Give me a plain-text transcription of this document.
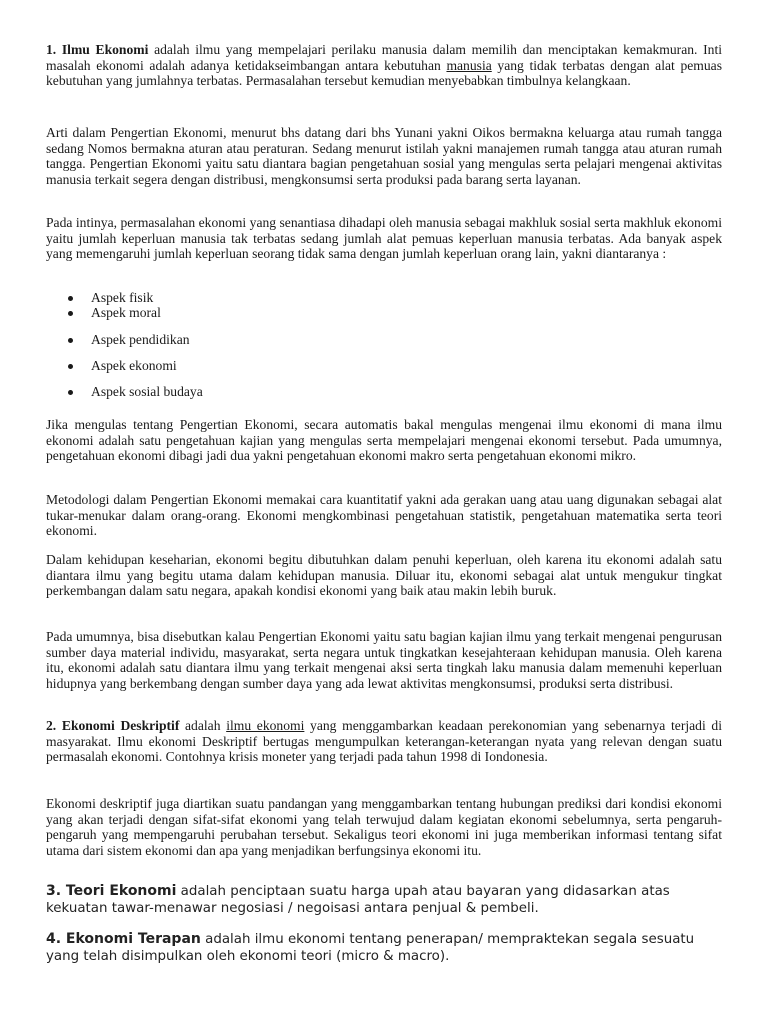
1. Ilmu Ekonomi adalah ilmu yang mempelajari perilaku manusia dalam memilih dan menciptakan kemakmuran. Inti masalah ekonomi adalah adanya ketidakseimbangan antara kebutuhan manusia yang tidak terbatas dengan alat pemuas kebutuhan yang jumlahnya terbatas. Permasalahan tersebut kemudian menyebabkan timbulnya kelangkaan.

Arti dalam Pengertian Ekonomi, menurut bhs datang dari bhs Yunani yakni Oikos bermakna keluarga atau rumah tangga sedang Nomos bermakna aturan atau peraturan. Sedang menurut istilah yakni manajemen rumah tangga atau aturan rumah tangga. Pengertian Ekonomi yaitu satu diantara bagian pengetahuan sosial yang mengulas serta pelajari mengenai aktivitas manusia terkait segera dengan distribusi, mengkonsumsi serta produksi pada barang serta layanan.

Pada intinya, permasalahan ekonomi yang senantiasa dihadapi oleh manusia sebagai makhluk sosial serta makhluk ekonomi yaitu jumlah keperluan manusia tak terbatas sedang jumlah alat pemuas keperluan manusia terbatas. Ada banyak aspek yang memengaruhi jumlah keperluan seorang tidak sama dengan jumlah keperluan orang lain, yakni diantaranya :

Aspek fisik
Aspek moral
Aspek pendidikan
Aspek ekonomi
Aspek sosial budaya

Jika mengulas tentang Pengertian Ekonomi, secara automatis bakal mengulas mengenai ilmu ekonomi di mana ilmu ekonomi adalah satu pengetahuan kajian yang mengulas serta mempelajari mengenai ekonomi tersebut. Pada umumnya, pengetahuan ekonomi dibagi jadi dua yakni pengetahuan ekonomi makro serta pengetahuan ekonomi mikro.

Metodologi dalam Pengertian Ekonomi memakai cara kuantitatif yakni ada gerakan uang atau uang digunakan sebagai alat tukar-menukar dalam orang-orang. Ekonomi mengkombinasi pengetahuan statistik, pengetahuan matematika serta teori ekonomi.

Dalam kehidupan keseharian, ekonomi begitu dibutuhkan dalam penuhi keperluan, oleh karena itu ekonomi adalah satu diantara ilmu yang begitu utama dalam kehidupan manusia. Diluar itu, ekonomi sebagai alat untuk mengukur tingkat perkembangan dalam satu negara, apakah kondisi ekonomi yang baik atau makin lebih buruk.

Pada umumnya, bisa disebutkan kalau Pengertian Ekonomi yaitu satu bagian kajian ilmu yang terkait mengenai pengurusan sumber daya material individu, masyarakat, serta negara untuk tingkatkan kesejahteraan kehidupan manusia. Oleh karena itu, ekonomi adalah satu diantara ilmu yang terkait mengenai aksi serta tingkah laku manusia dalam memenuhi keperluan hidupnya yang berkembang dengan sumber daya yang ada lewat aktivitas mengkonsumsi, produksi serta distribusi.

2. Ekonomi Deskriptif adalah ilmu ekonomi yang menggambarkan keadaan perekonomian yang sebenarnya terjadi di masyarakat. Ilmu ekonomi Deskriptif bertugas mengumpulkan keterangan-keterangan nyata yang relevan dengan suatu permasalah ekonomi. Contohnya krisis moneter yang terjadi pada tahun 1998 di Iondonesia.

Ekonomi deskriptif juga diartikan suatu pandangan yang menggambarkan tentang hubungan prediksi dari kondisi ekonomi yang akan terjadi dengan sifat-sifat ekonomi yang telah terwujud dalam kegiatan ekonomi sebelumnya, serta pengaruh-pengaruh yang mempengaruhi perubahan tersebut. Sekaligus teori ekonomi ini juga memberikan informasi tentang sifat utama dari sistem ekonomi dan apa yang menjadikan berfungsinya ekonomi itu.

3. Teori Ekonomi adalah penciptaan suatu harga upah atau bayaran yang didasarkan atas kekuatan tawar-menawar negosiasi / negoisasi antara penjual & pembeli.

4. Ekonomi Terapan adalah ilmu ekonomi tentang penerapan/ mempraktekan segala sesuatu yang telah disimpulkan oleh ekonomi teori (micro & macro).
